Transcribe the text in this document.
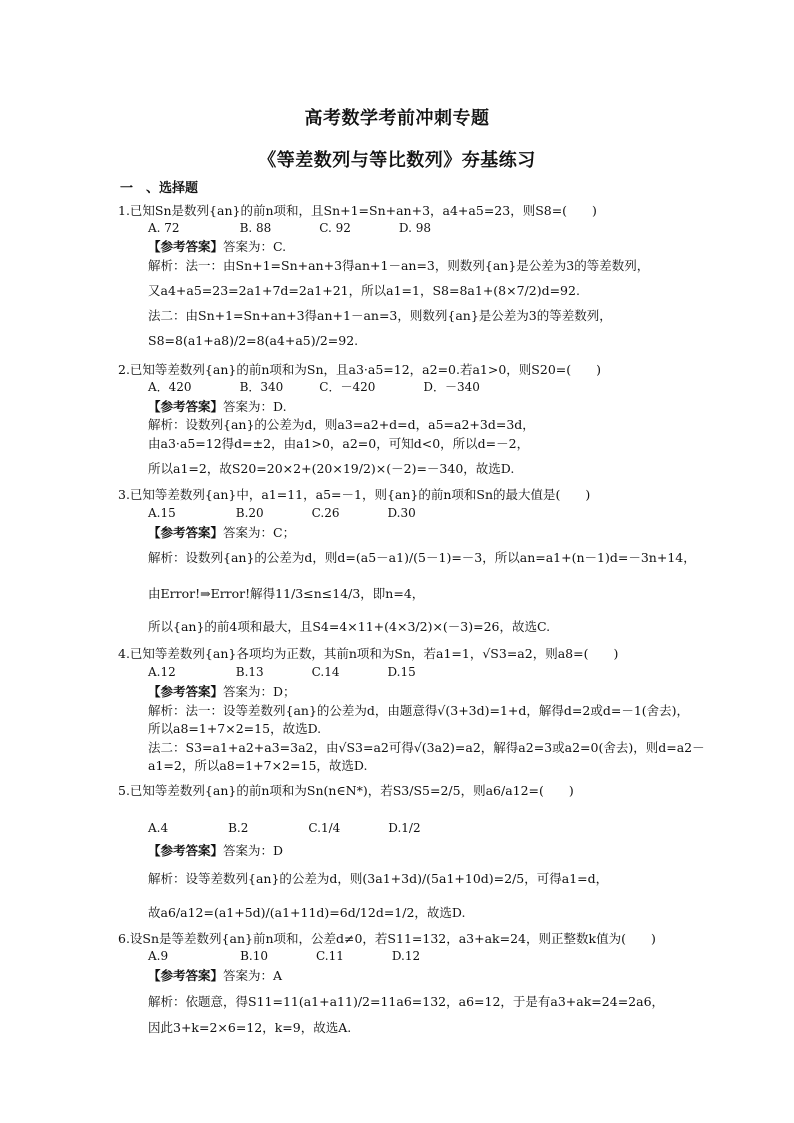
高考数学考前冲刺专题
《等差数列与等比数列》夯基练习
一　、选择题
1.已知Sn是数列{an}的前n项和，且Sn+1=Sn+an+3，a4+a5=23，则S8=(　　)
A. 72　　　　　B. 88　　　　C. 92　　　　D. 98
【参考答案】答案为：C.
解析：法一：由Sn+1=Sn+an+3得an+1－an=3，则数列{an}是公差为3的等差数列，
又a4+a5=23=2a1+7d=2a1+21，所以a1=1，S8=8a1+(8×7/2)d=92.
法二：由Sn+1=Sn+an+3得an+1－an=3，则数列{an}是公差为3的等差数列，
S8=8(a1+a8)/2=8(a4+a5)/2=92.
2.已知等差数列{an}的前n项和为Sn，且a3·a5=12，a2=0.若a1>0，则S20=(　　)
A．420　　　　B．340　　　C．－420　　　　D．－340
【参考答案】答案为：D.
解析：设数列{an}的公差为d，则a3=a2+d=d，a5=a2+3d=3d，
由a3·a5=12得d=±2，由a1>0，a2=0，可知d<0，所以d=－2，
所以a1=2，故S20=20×2+(20×19/2)×(－2)=－340，故选D.
3.已知等差数列{an}中，a1=11，a5=－1，则{an}的前n项和Sn的最大值是(　　)
A.15　　　　　B.20　　　　C.26　　　　D.30
【参考答案】答案为：C；
解析：设数列{an}的公差为d，则d=(a5－a1)/(5－1)=－3，所以an=a1+(n－1)d=－3n+14，
由Error!⇒Error!解得11/3≤n≤14/3，即n=4，
所以{an}的前4项和最大，且S4=4×11+(4×3/2)×(－3)=26，故选C.
4.已知等差数列{an}各项均为正数，其前n项和为Sn，若a1=1，√S3=a2，则a8=(　　)
A.12　　　　　B.13　　　　C.14　　　　D.15
【参考答案】答案为：D；
解析：法一：设等差数列{an}的公差为d，由题意得√(3+3d)=1+d，解得d=2或d=－1(舍去)，
所以a8=1+7×2=15，故选D.
法二：S3=a1+a2+a3=3a2，由√S3=a2可得√(3a2)=a2，解得a2=3或a2=0(舍去)，则d=a2－
a1=2，所以a8=1+7×2=15，故选D.
5.已知等差数列{an}的前n项和为Sn(n∈N*)，若S3/S5=2/5，则a6/a12=(　　)
A.4　　　　　B.2　　　　　C.1/4　　　　D.1/2
【参考答案】答案为：D
解析：设等差数列{an}的公差为d，则(3a1+3d)/(5a1+10d)=2/5，可得a1=d，
故a6/a12=(a1+5d)/(a1+11d)=6d/12d=1/2，故选D.
6.设Sn是等差数列{an}前n项和，公差d≠0，若S11=132，a3+ak=24，则正整数k值为(　　)
A.9　　　　　　B.10　　　　C.11　　　　D.12
【参考答案】答案为：A
解析：依题意，得S11=11(a1+a11)/2=11a6=132，a6=12，于是有a3+ak=24=2a6，
因此3+k=2×6=12，k=9，故选A.
